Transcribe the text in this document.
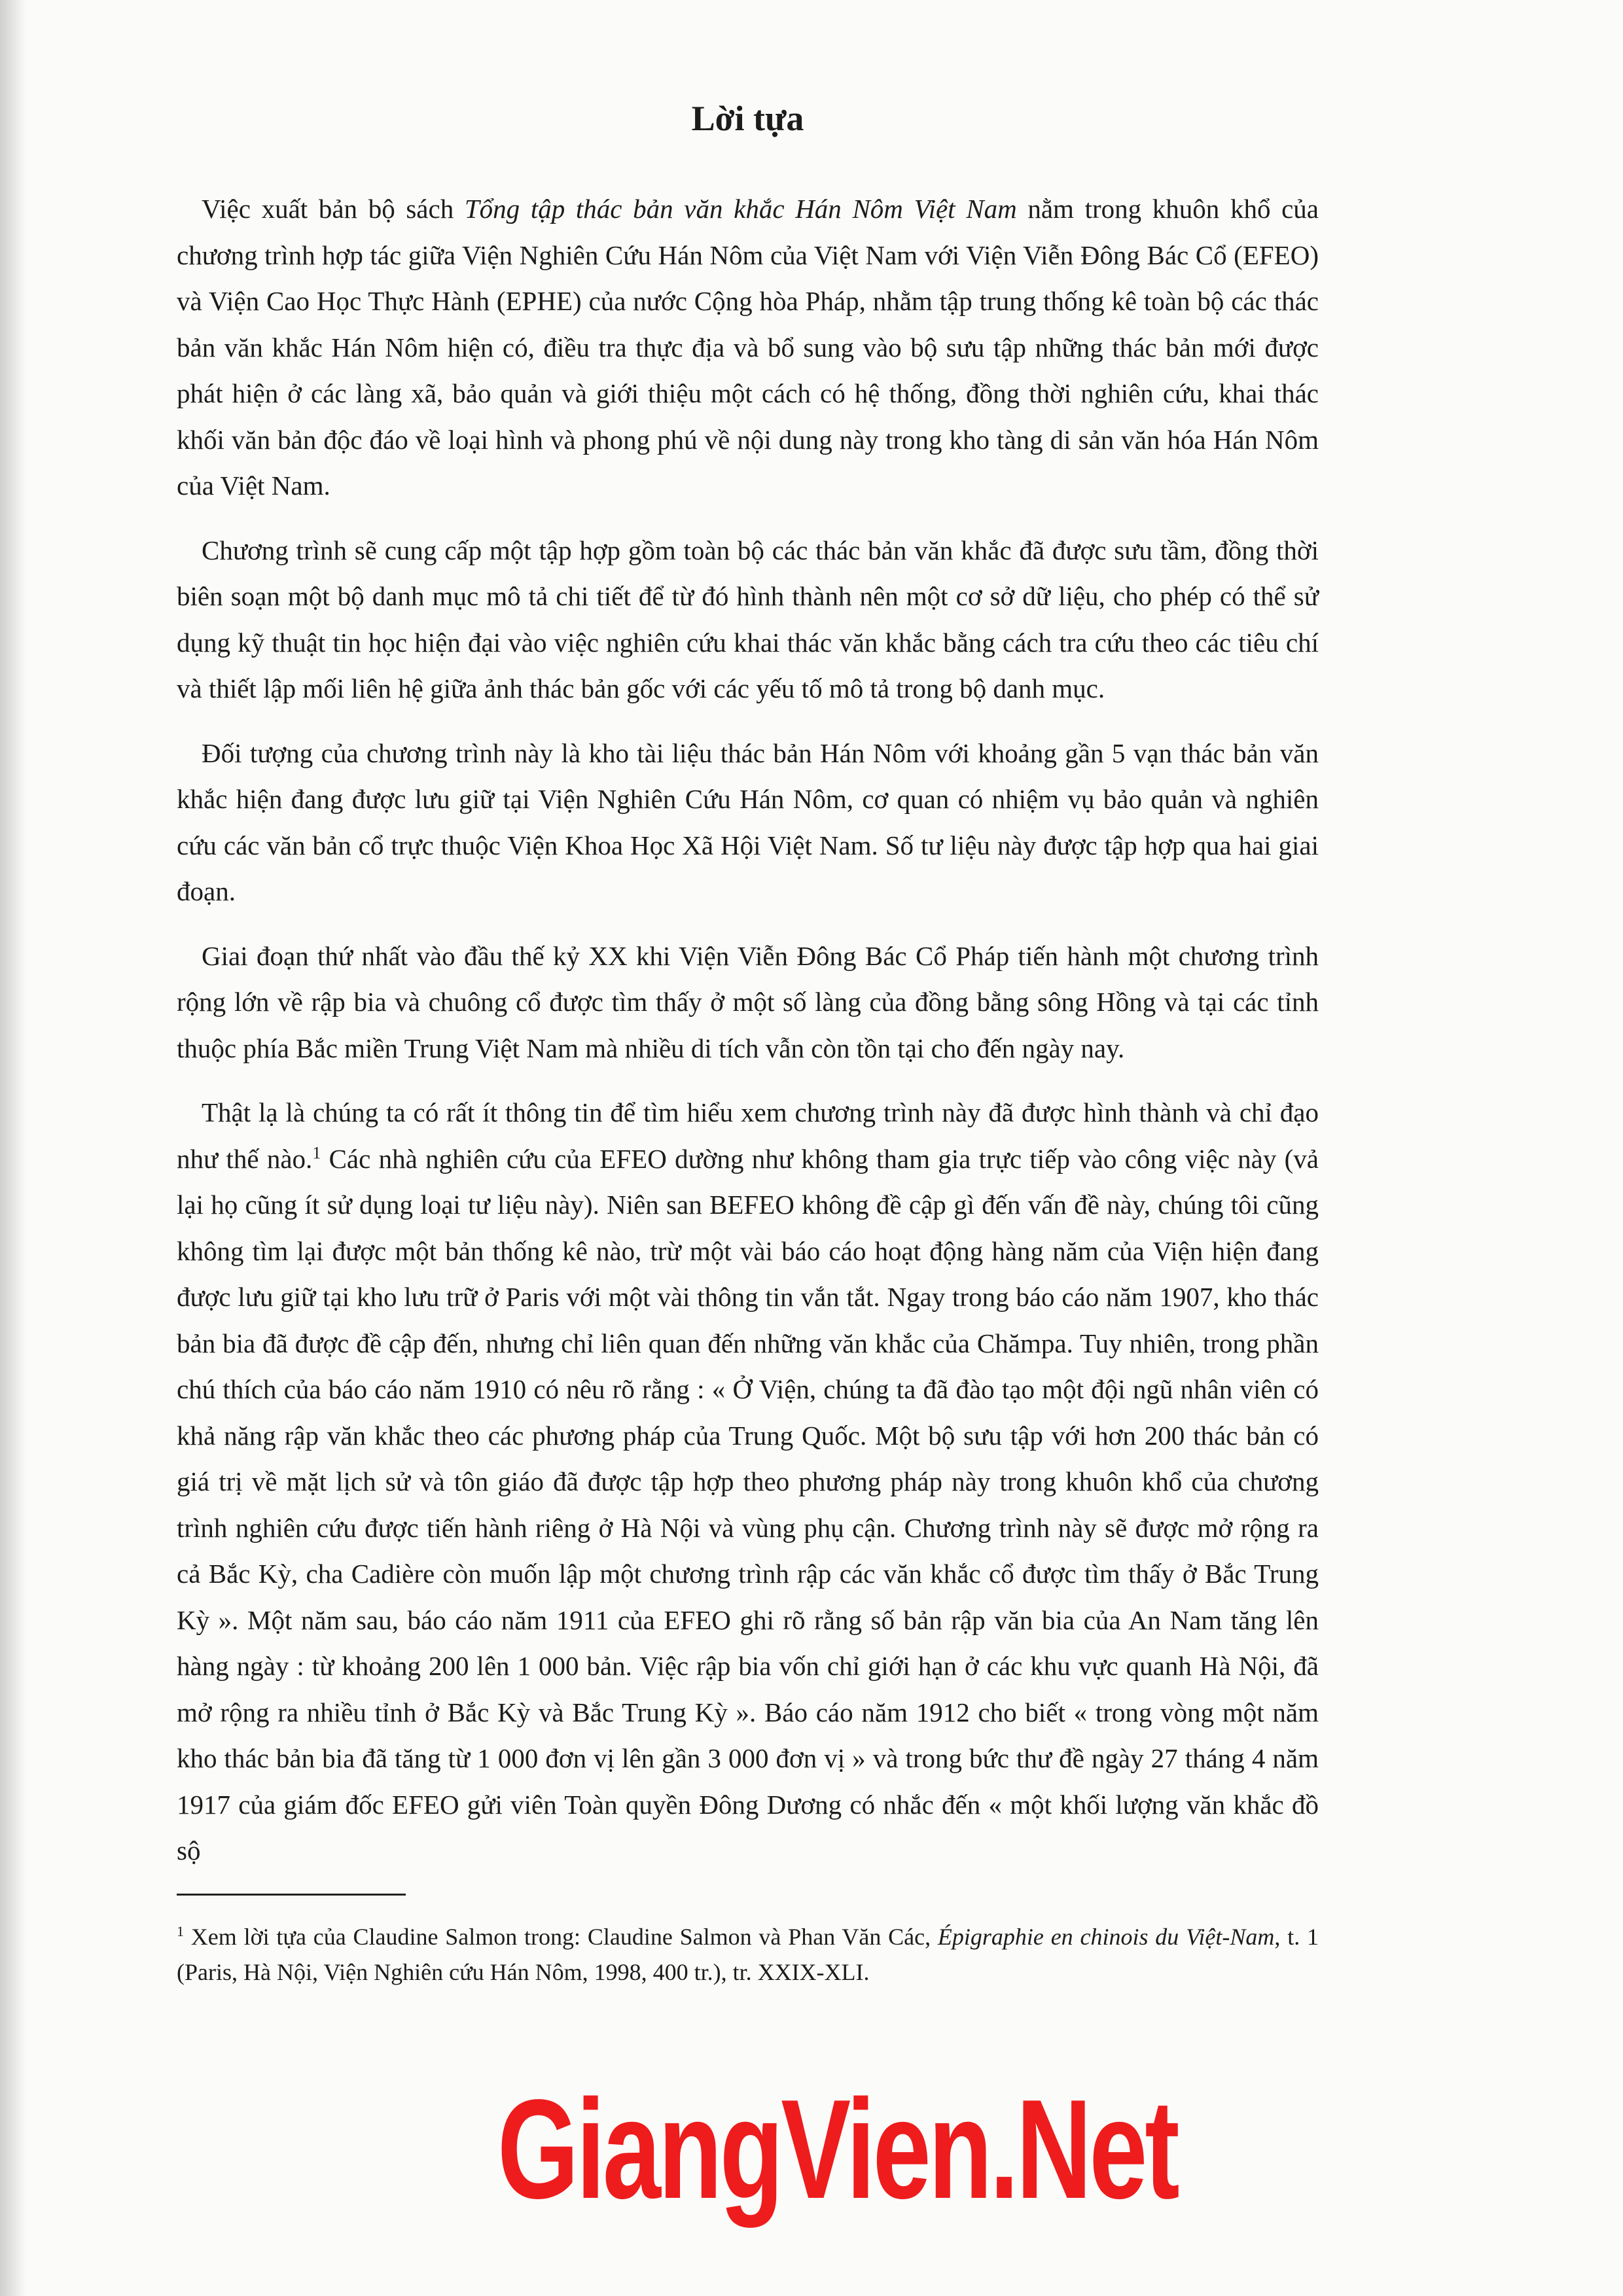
Lời tựa

Việc xuất bản bộ sách Tổng tập thác bản văn khắc Hán Nôm Việt Nam nằm trong khuôn khổ của chương trình hợp tác giữa Viện Nghiên Cứu Hán Nôm của Việt Nam với Viện Viễn Đông Bác Cổ (EFEO) và Viện Cao Học Thực Hành (EPHE) của nước Cộng hòa Pháp, nhằm tập trung thống kê toàn bộ các thác bản văn khắc Hán Nôm hiện có, điều tra thực địa và bổ sung vào bộ sưu tập những thác bản mới được phát hiện ở các làng xã, bảo quản và giới thiệu một cách có hệ thống, đồng thời nghiên cứu, khai thác khối văn bản độc đáo về loại hình và phong phú về nội dung này trong kho tàng di sản văn hóa Hán Nôm của Việt Nam.

Chương trình sẽ cung cấp một tập hợp gồm toàn bộ các thác bản văn khắc đã được sưu tầm, đồng thời biên soạn một bộ danh mục mô tả chi tiết để từ đó hình thành nên một cơ sở dữ liệu, cho phép có thể sử dụng kỹ thuật tin học hiện đại vào việc nghiên cứu khai thác văn khắc bằng cách tra cứu theo các tiêu chí và thiết lập mối liên hệ giữa ảnh thác bản gốc với các yếu tố mô tả trong bộ danh mục.

Đối tượng của chương trình này là kho tài liệu thác bản Hán Nôm với khoảng gần 5 vạn thác bản văn khắc hiện đang được lưu giữ tại Viện Nghiên Cứu Hán Nôm, cơ quan có nhiệm vụ bảo quản và nghiên cứu các văn bản cổ trực thuộc Viện Khoa Học Xã Hội Việt Nam. Số tư liệu này được tập hợp qua hai giai đoạn.

Giai đoạn thứ nhất vào đầu thế kỷ XX khi Viện Viễn Đông Bác Cổ Pháp tiến hành một chương trình rộng lớn về rập bia và chuông cổ được tìm thấy ở một số làng của đồng bằng sông Hồng và tại các tỉnh thuộc phía Bắc miền Trung Việt Nam mà nhiều di tích vẫn còn tồn tại cho đến ngày nay.

Thật lạ là chúng ta có rất ít thông tin để tìm hiểu xem chương trình này đã được hình thành và chỉ đạo như thế nào.$^1$ Các nhà nghiên cứu của EFEO dường như không tham gia trực tiếp vào công việc này (vả lại họ cũng ít sử dụng loại tư liệu này). Niên san BEFEO không đề cập gì đến vấn đề này, chúng tôi cũng không tìm lại được một bản thống kê nào, trừ một vài báo cáo hoạt động hàng năm của Viện hiện đang được lưu giữ tại kho lưu trữ ở Paris với một vài thông tin vắn tắt. Ngay trong báo cáo năm 1907, kho thác bản bia đã được đề cập đến, nhưng chỉ liên quan đến những văn khắc của Chămpa. Tuy nhiên, trong phần chú thích của báo cáo năm 1910 có nêu rõ rằng : « Ở Viện, chúng ta đã đào tạo một đội ngũ nhân viên có khả năng rập văn khắc theo các phương pháp của Trung Quốc. Một bộ sưu tập với hơn 200 thác bản có giá trị về mặt lịch sử và tôn giáo đã được tập hợp theo phương pháp này trong khuôn khổ của chương trình nghiên cứu được tiến hành riêng ở Hà Nội và vùng phụ cận. Chương trình này sẽ được mở rộng ra cả Bắc Kỳ, cha Cadière còn muốn lập một chương trình rập các văn khắc cổ được tìm thấy ở Bắc Trung Kỳ ». Một năm sau, báo cáo năm 1911 của EFEO ghi rõ rằng số bản rập văn bia của An Nam tăng lên hàng ngày : từ khoảng 200 lên 1 000 bản. Việc rập bia vốn chỉ giới hạn ở các khu vực quanh Hà Nội, đã mở rộng ra nhiều tỉnh ở Bắc Kỳ và Bắc Trung Kỳ ». Báo cáo năm 1912 cho biết « trong vòng một năm kho thác bản bia đã tăng từ 1 000 đơn vị lên gần 3 000 đơn vị » và trong bức thư đề ngày 27 tháng 4 năm 1917 của giám đốc EFEO gửi viên Toàn quyền Đông Dương có nhắc đến « một khối lượng văn khắc đồ sộ

$^1$ Xem lời tựa của Claudine Salmon trong: Claudine Salmon và Phan Văn Các, Épigraphie en chinois du Việt-Nam, t. 1 (Paris, Hà Nội, Viện Nghiên cứu Hán Nôm, 1998, 400 tr.), tr. XXIX-XLI.

GiangVien.Net
